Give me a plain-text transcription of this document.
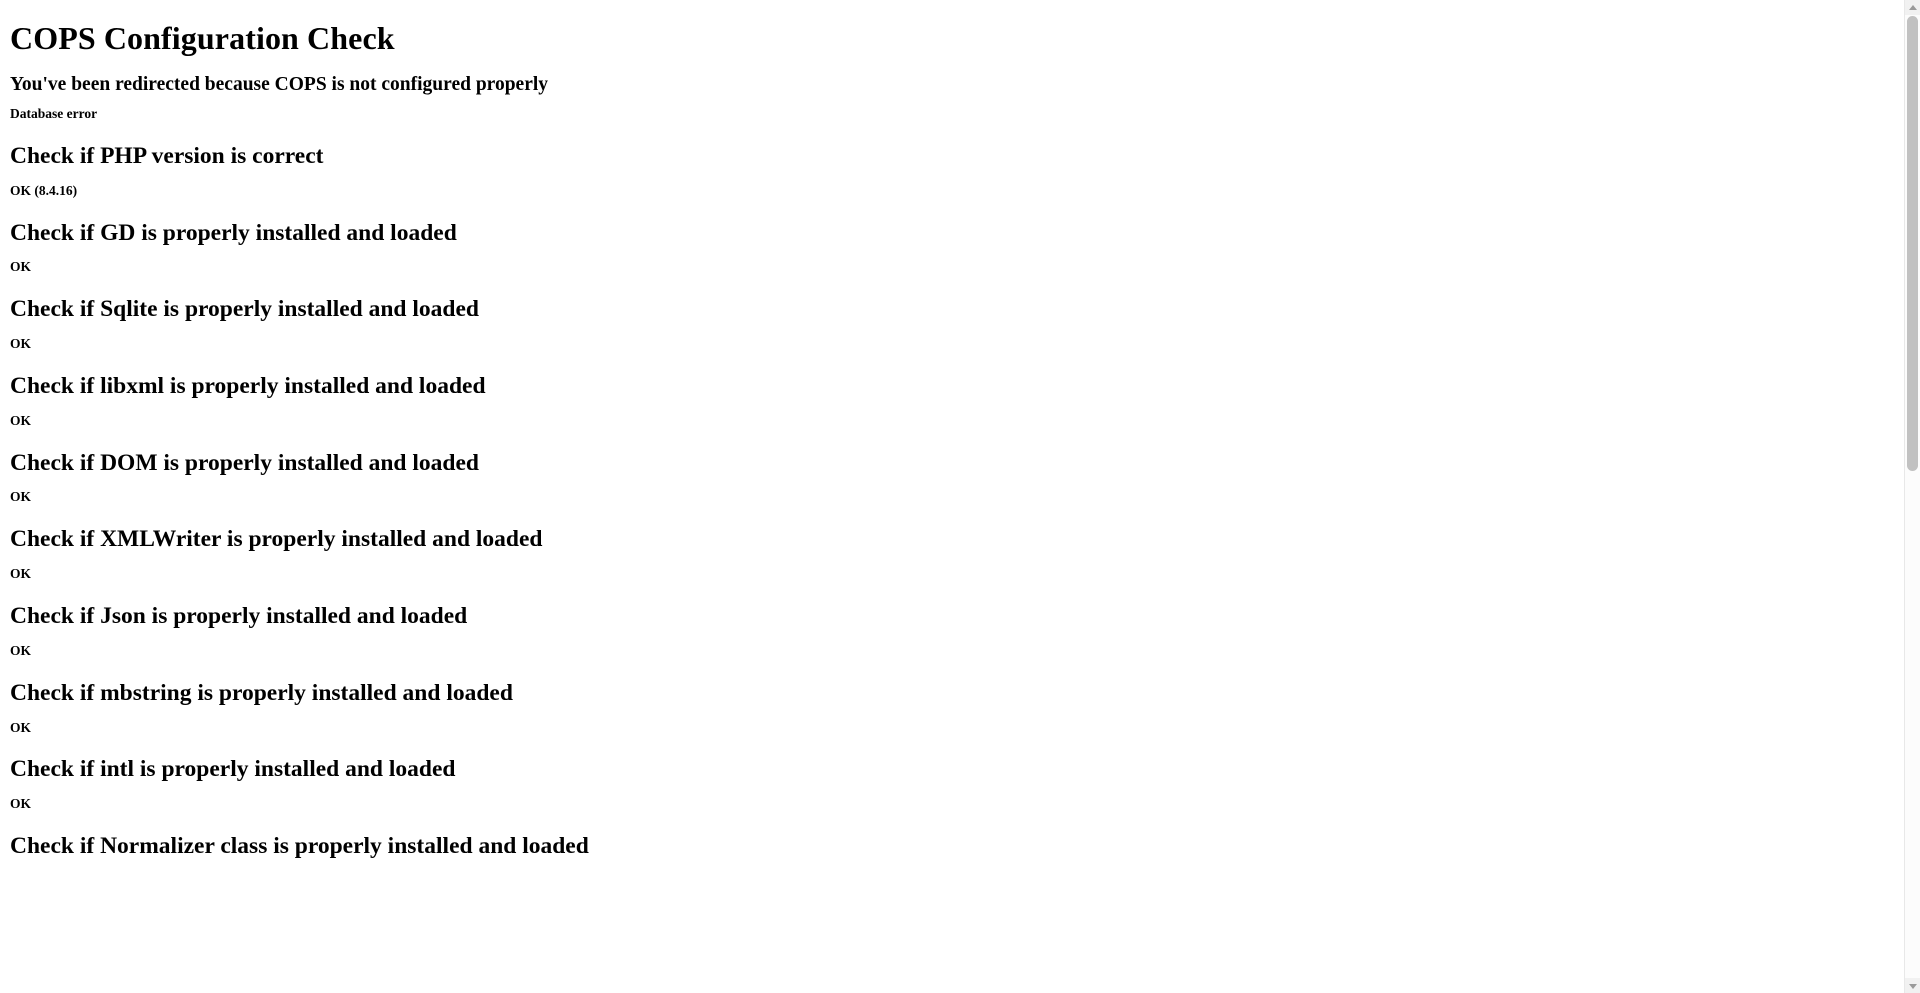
COPS Configuration Check
You've been redirected because COPS is not configured properly

Database error

Check if PHP version is correct

OK (8.4.16)

Check if GD is properly installed and loaded

OK

Check if Sqlite is properly installed and loaded

OK

Check if libxml is properly installed and loaded

OK

Check if DOM is properly installed and loaded

OK

Check if XMLWriter is properly installed and loaded

OK

Check if Json is properly installed and loaded

OK

Check if mbstring is properly installed and loaded

OK

Check if intl is properly installed and loaded

OK

Check if Normalizer class is properly installed and loaded
